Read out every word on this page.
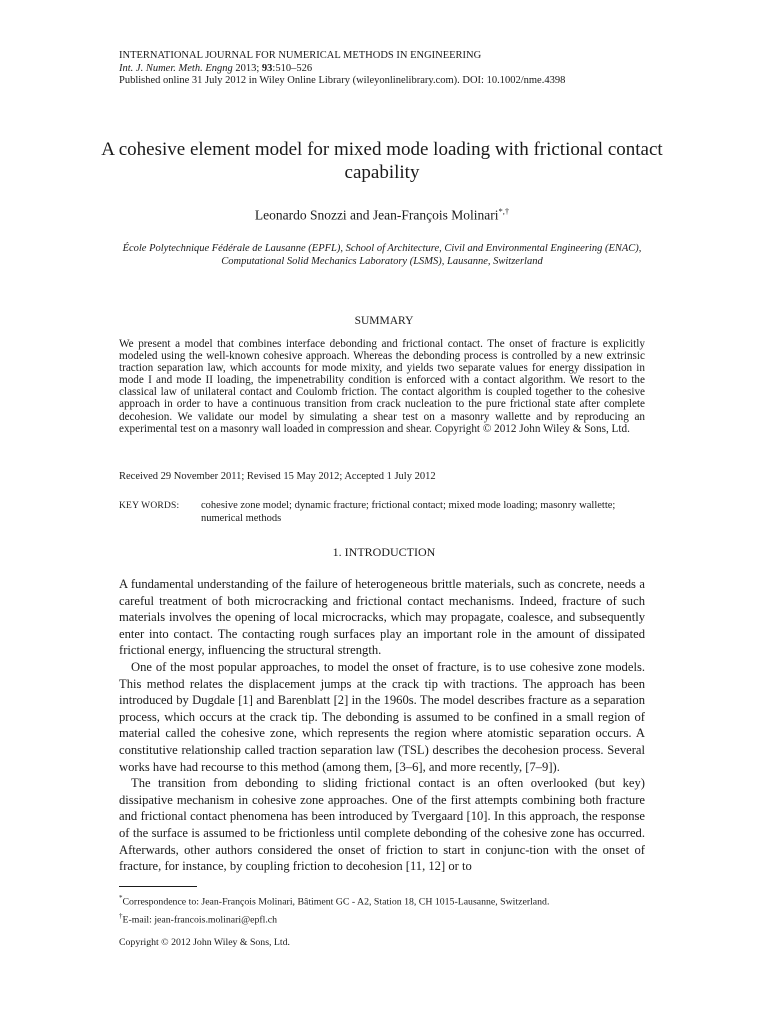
INTERNATIONAL JOURNAL FOR NUMERICAL METHODS IN ENGINEERING
Int. J. Numer. Meth. Engng 2013; 93:510–526
Published online 31 July 2012 in Wiley Online Library (wileyonlinelibrary.com). DOI: 10.1002/nme.4398
A cohesive element model for mixed mode loading with frictional contact capability
Leonardo Snozzi and Jean-François Molinari*,†
École Polytechnique Fédérale de Lausanne (EPFL), School of Architecture, Civil and Environmental Engineering (ENAC), Computational Solid Mechanics Laboratory (LSMS), Lausanne, Switzerland
SUMMARY
We present a model that combines interface debonding and frictional contact. The onset of fracture is explicitly modeled using the well-known cohesive approach. Whereas the debonding process is controlled by a new extrinsic traction separation law, which accounts for mode mixity, and yields two separate values for energy dissipation in mode I and mode II loading, the impenetrability condition is enforced with a contact algorithm. We resort to the classical law of unilateral contact and Coulomb friction. The contact algorithm is coupled together to the cohesive approach in order to have a continuous transition from crack nucleation to the pure frictional state after complete decohesion. We validate our model by simulating a shear test on a masonry wallette and by reproducing an experimental test on a masonry wall loaded in compression and shear. Copyright © 2012 John Wiley & Sons, Ltd.
Received 29 November 2011; Revised 15 May 2012; Accepted 1 July 2012
KEY WORDS:	cohesive zone model; dynamic fracture; frictional contact; mixed mode loading; masonry wallette; numerical methods
1. INTRODUCTION

A fundamental understanding of the failure of heterogeneous brittle materials, such as concrete, needs a careful treatment of both microcracking and frictional contact mechanisms. Indeed, fracture of such materials involves the opening of local microcracks, which may propagate, coalesce, and subsequently enter into contact. The contacting rough surfaces play an important role in the amount of dissipated frictional energy, influencing the structural strength.

One of the most popular approaches, to model the onset of fracture, is to use cohesive zone models. This method relates the displacement jumps at the crack tip with tractions. The approach has been introduced by Dugdale [1] and Barenblatt [2] in the 1960s. The model describes fracture as a separation process, which occurs at the crack tip. The debonding is assumed to be confined in a small region of material called the cohesive zone, which represents the region where atomistic separation occurs. A constitutive relationship called traction separation law (TSL) describes the decohesion process. Several works have had recourse to this method (among them, [3–6], and more recently, [7–9]).

The transition from debonding to sliding frictional contact is an often overlooked (but key) dissipative mechanism in cohesive zone approaches. One of the first attempts combining both fracture and frictional contact phenomena has been introduced by Tvergaard [10]. In this approach, the response of the surface is assumed to be frictionless until complete debonding of the cohesive zone has occurred. Afterwards, other authors considered the onset of friction to start in conjunc-tion with the onset of fracture, for instance, by coupling friction to decohesion [11, 12] or to

*Correspondence to: Jean-François Molinari, Bâtiment GC - A2, Station 18, CH 1015-Lausanne, Switzerland.
†E-mail: jean-francois.molinari@epfl.ch
Copyright © 2012 John Wiley & Sons, Ltd.
